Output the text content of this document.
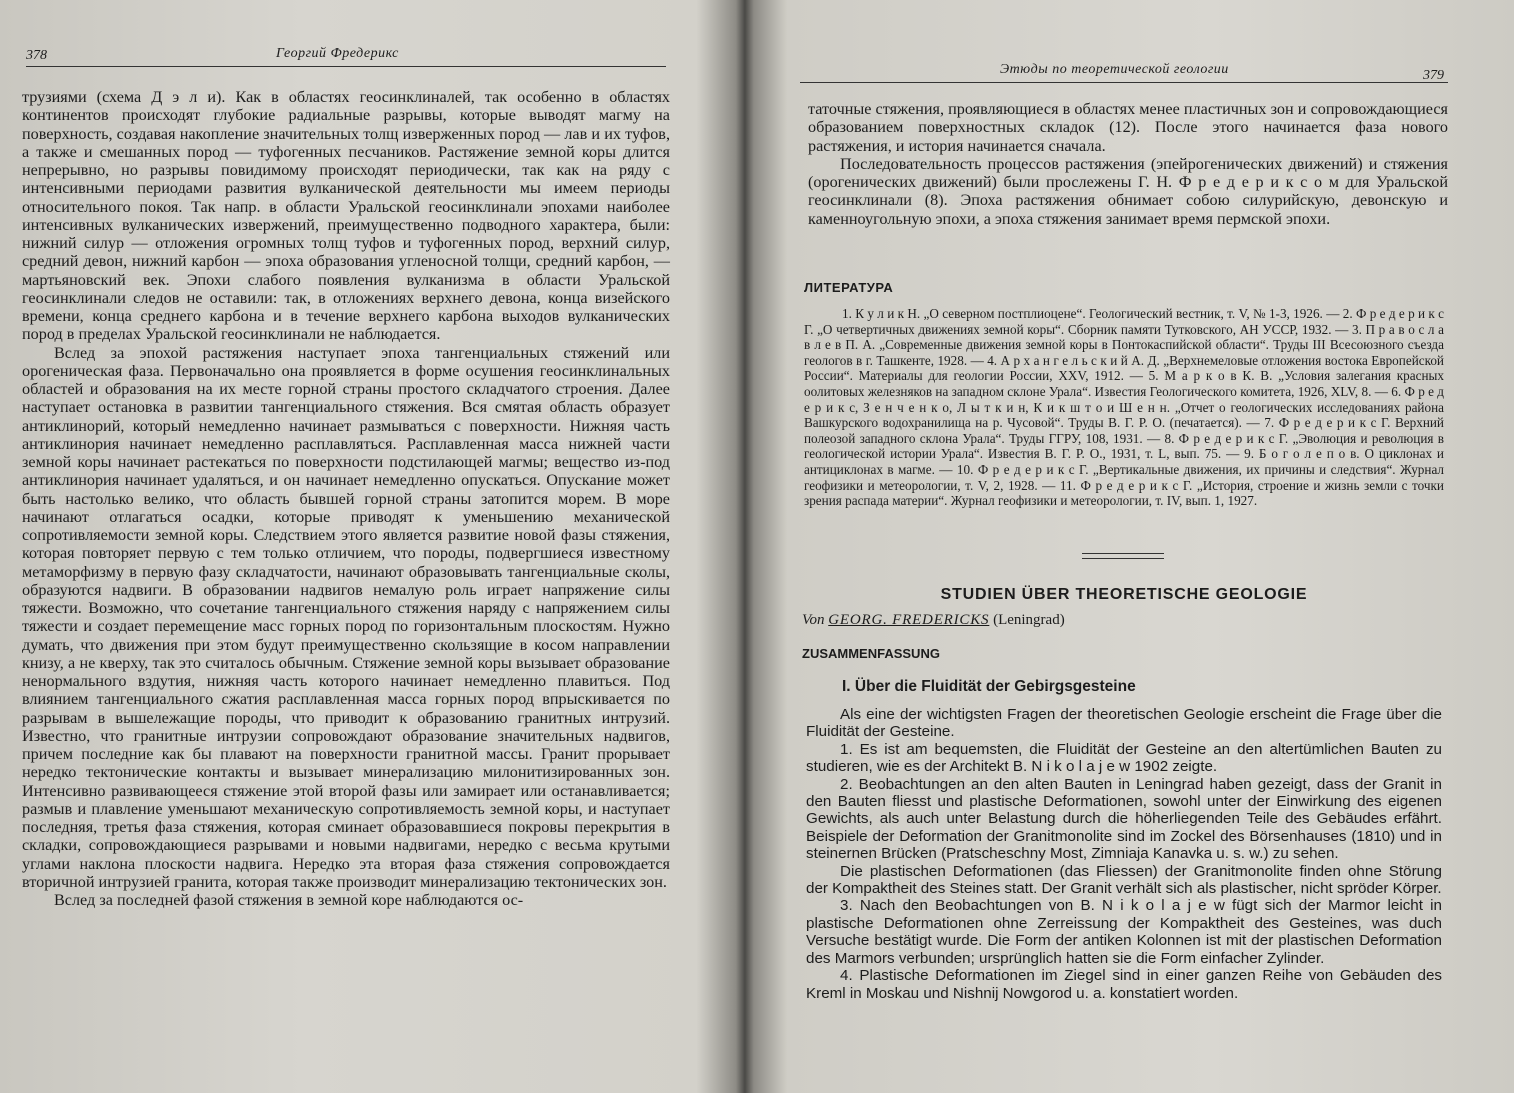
378	Георгий Фредерикс

трузиями (схема Д э л и). Как в областях геосинклиналей, так особенно в областях континентов происходят глубокие радиальные разрывы, которые выводят магму на поверхность, создавая накопление значительных толщ изверженных пород — лав и их туфов, а также и смешанных пород — туфогенных песчаников. Растяжение земной коры длится непрерывно, но разрывы повидимому происходят периодически, так как на ряду с интенсивными периодами развития вулканической деятельности мы имеем периоды относительного покоя. Так напр. в области Уральской геосинклинали эпохами наиболее интенсивных вулканических извержений, преимущественно подводного характера, были: нижний силур — отложения огромных толщ туфов и туфогенных пород, верхний силур, средний девон, нижний карбон — эпоха образования угленосной толщи, средний карбон, — мартьяновский век. Эпохи слабого появления вулканизма в области Уральской геосинклинали следов не оставили: так, в отложениях верхнего девона, конца визейского времени, конца среднего карбона и в течение верхнего карбона выходов вулканических пород в пределах Уральской геосинклинали не наблюдается.

Вслед за эпохой растяжения наступает эпоха тангенциальных стяжений или орогеническая фаза. Первоначально она проявляется в форме осушения геосинклинальных областей и образования на их месте горной страны простого складчатого строения. Далее наступает остановка в развитии тангенциального стяжения. Вся смятая область образует антиклинорий, который немедленно начинает размываться с поверхности. Нижняя часть антиклинория начинает немедленно расплавляться. Расплавленная масса нижней части земной коры начинает растекаться по поверхности подстилающей магмы; вещество из-под антиклинория начинает удаляться, и он начинает немедленно опускаться. Опускание может быть настолько велико, что область бывшей горной страны затопится морем. В море начинают отлагаться осадки, которые приводят к уменьшению механической сопротивляемости земной коры. Следствием этого является развитие новой фазы стяжения, которая повторяет первую с тем только отличием, что породы, подвергшиеся известному метаморфизму в первую фазу складчатости, начинают образовывать тангенциальные сколы, образуются надвиги. В образовании надвигов немалую роль играет напряжение силы тяжести. Возможно, что сочетание тангенциального стяжения наряду с напряжением силы тяжести и создает перемещение масс горных пород по горизонтальным плоскостям. Нужно думать, что движения при этом будут преимущественно скользящие в косом направлении книзу, а не кверху, так это считалось обычным. Стяжение земной коры вызывает образование ненормального вздутия, нижняя часть которого начинает немедленно плавиться. Под влиянием тангенциального сжатия расплавленная масса горных пород впрыскивается по разрывам в вышележащие породы, что приводит к образованию гранитных интрузий. Известно, что гранитные интрузии сопровождают образование значительных надвигов, причем последние как бы плавают на поверхности гранитной массы. Гранит прорывает нередко тектонические контакты и вызывает минерализацию милонитизированных зон. Интенсивно развивающееся стяжение этой второй фазы или замирает или останавливается; размыв и плавление уменьшают механическую сопротивляемость земной коры, и наступает последняя, третья фаза стяжения, которая сминает образовавшиеся покровы перекрытия в складки, сопровождающиеся разрывами и новыми надвигами, нередко с весьма крутыми углами наклона плоскости надвига. Нередко эта вторая фаза стяжения сопровождается вторичной интрузией гранита, которая также производит минерализацию тектонических зон.

Вслед за последней фазой стяжения в земной коре наблюдаются ос-

Этюды по теоретической геологии	379

таточные стяжения, проявляющиеся в областях менее пластичных зон и сопровождающиеся образованием поверхностных складок (12). После этого начинается фаза нового растяжения, и история начинается сначала.

Последовательность процессов растяжения (эпейрогенических движений) и стяжения (орогенических движений) были прослежены Г. Н. Ф р е д е р и к с о м для Уральской геосинклинали (8). Эпоха растяжения обнимает собою силурийскую, девонскую и каменноугольную эпохи, а эпоха стяжения занимает время пермской эпохи.

ЛИТЕРАТУРА

1. К у л и к Н. „О северном постплиоцене“. Геологический вестник, т. V, № 1-3, 1926. — 2. Ф р е д е р и к с Г. „О четвертичных движениях земной коры“. Сборник памяти Тутковского, АН УССР, 1932. — 3. П р а в о с л а в л е в П. А. „Современные движения земной коры в Понтокаспийской области“. Труды III Всесоюзного съезда геологов в г. Ташкенте, 1928. — 4. А р х а н г е л ь с к и й А. Д. „Верхнемеловые отложения востока Европейской России“. Материалы для геологии России, XXV, 1912. — 5. М а р к о в К. В. „Условия залегания красных оолитовых железняков на западном склоне Урала“. Известия Геологического комитета, 1926, XLV, 8. — 6. Ф р е д е р и к с, З е н ч е н к о, Л ы т к и н, К и к ш т о и Ш е н н. „Отчет о геологических исследованиях района Вашкурского водохранилища на р. Чусовой“. Труды В. Г. Р. О. (печатается). — 7. Ф р е д е р и к с Г. Верхний полеозой западного склона Урала“. Труды ГГРУ, 108, 1931. — 8. Ф р е д е р и к с Г. „Эволюция и революция в геологической истории Урала“. Известия В. Г. Р. О., 1931, т. L, вып. 75. — 9. Б о г о л е п о в. О циклонах и антициклонах в магме. — 10. Ф р е д е р и к с Г. „Вертикальные движения, их причины и следствия“. Журнал геофизики и метеорологии, т. V, 2, 1928. — 11. Ф р е д е р и к с Г. „История, строение и жизнь земли с точки зрения распада материи“. Журнал геофизики и метеорологии, т. IV, вып. 1, 1927.

STUDIEN ÜBER THEORETISCHE GEOLOGIE
Von GEORG. FREDERICKS (Leningrad)
ZUSAMMENFASSUNG
I. Über die Fluidität der Gebirgsgesteine

Als eine der wichtigsten Fragen der theoretischen Geologie erscheint die Frage über die Fluidität der Gesteine.

1. Es ist am bequemsten, die Fluidität der Gesteine an den altertümlichen Bauten zu studieren, wie es der Architekt B. N i k o l a j e w 1902 zeigte.

2. Beobachtungen an den alten Bauten in Leningrad haben gezeigt, dass der Granit in den Bauten fliesst und plastische Deformationen, sowohl unter der Einwirkung des eigenen Gewichts, als auch unter Belastung durch die höherliegenden Teile des Gebäudes erfährt. Beispiele der Deformation der Granitmonolite sind im Zockel des Börsenhauses (1810) und in steinernen Brücken (Pratscheschny Most, Zimniaja Kanavka u. s. w.) zu sehen.

Die plastischen Deformationen (das Fliessen) der Granitmonolite finden ohne Störung der Kompaktheit des Steines statt. Der Granit verhält sich als plastischer, nicht spröder Körper.

3. Nach den Beobachtungen von B. N i k o l a j e w fügt sich der Marmor leicht in plastische Deformationen ohne Zerreissung der Kompaktheit des Gesteines, was duch Versuche bestätigt wurde. Die Form der antiken Kolonnen ist mit der plastischen Deformation des Marmors verbunden; ursprünglich hatten sie die Form einfacher Zylinder.

4. Plastische Deformationen im Ziegel sind in einer ganzen Reihe von Gebäuden des Kreml in Moskau und Nishnij Nowgorod u. a. konstatiert worden.
